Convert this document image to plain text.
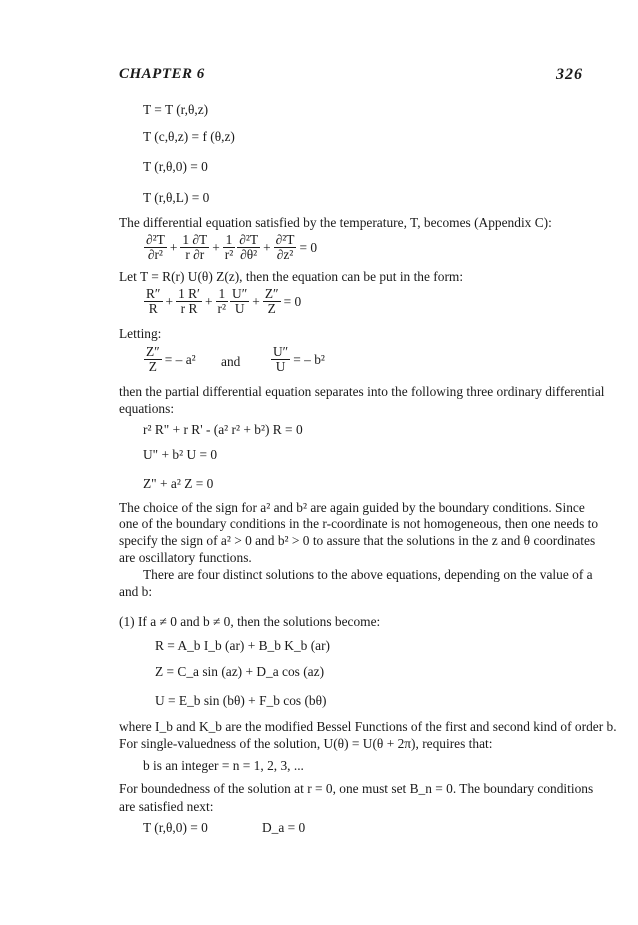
CHAPTER 6	326
T = T (r,θ,z)
T (c,θ,z) = f (θ,z)
T (r,θ,0) = 0
T (r,θ,L) = 0
The differential equation satisfied by the temperature, T, becomes (Appendix C):
$\frac{\text{∂²T}}{\text{∂r²}} + \frac{1 \partial T}{r \partial r} + \frac{1}{\text{r²}} \frac{\text{∂²T}}{\text{∂θ²}} + \frac{\text{∂²T}}{\text{∂z²}} = 0$
Let T = R(r) U(θ) Z(z), then the equation can be put in the form:
$\frac{R''}{R} + \frac{1 R'}{\text{r R}} + \frac{1}{\text{r²}} \frac{U''}{U} + \frac{Z''}{Z} = 0$
Letting:
$\frac{Z''}{Z}$ = – a² and $\frac{U''}{U}$ = – b²
then the partial differential equation separates into the following three ordinary differential
equations:
r² R" + r R' - (a² r² + b²) R = 0
U" + b² U = 0
Z" + a² Z = 0
The choice of the sign for a² and b² are again guided by the boundary conditions. Since
one of the boundary conditions in the r-coordinate is not homogeneous, then one needs to
specify the sign of a² > 0 and b² > 0 to assure that the solutions in the z and θ coordinates
are oscillatory functions.
There are four distinct solutions to the above equations, depending on the value of a
and b:
(1) If a ≠ 0 and b ≠ 0, then the solutions become:
R = A_b I_b (ar) + B_b K_b (ar)
Z = C_a sin (az) + D_a cos (az)
U = E_b sin (bθ) + F_b cos (bθ)
where I_b and K_b are the modified Bessel Functions of the first and second kind of order b.
For single-valuedness of the solution, U(θ) = U(θ + 2π), requires that:
b is an integer = n = 1, 2, 3, ...
For boundedness of the solution at r = 0, one must set B_n = 0. The boundary conditions
are satisfied next:
T (r,θ,0) = 0	D_a = 0
